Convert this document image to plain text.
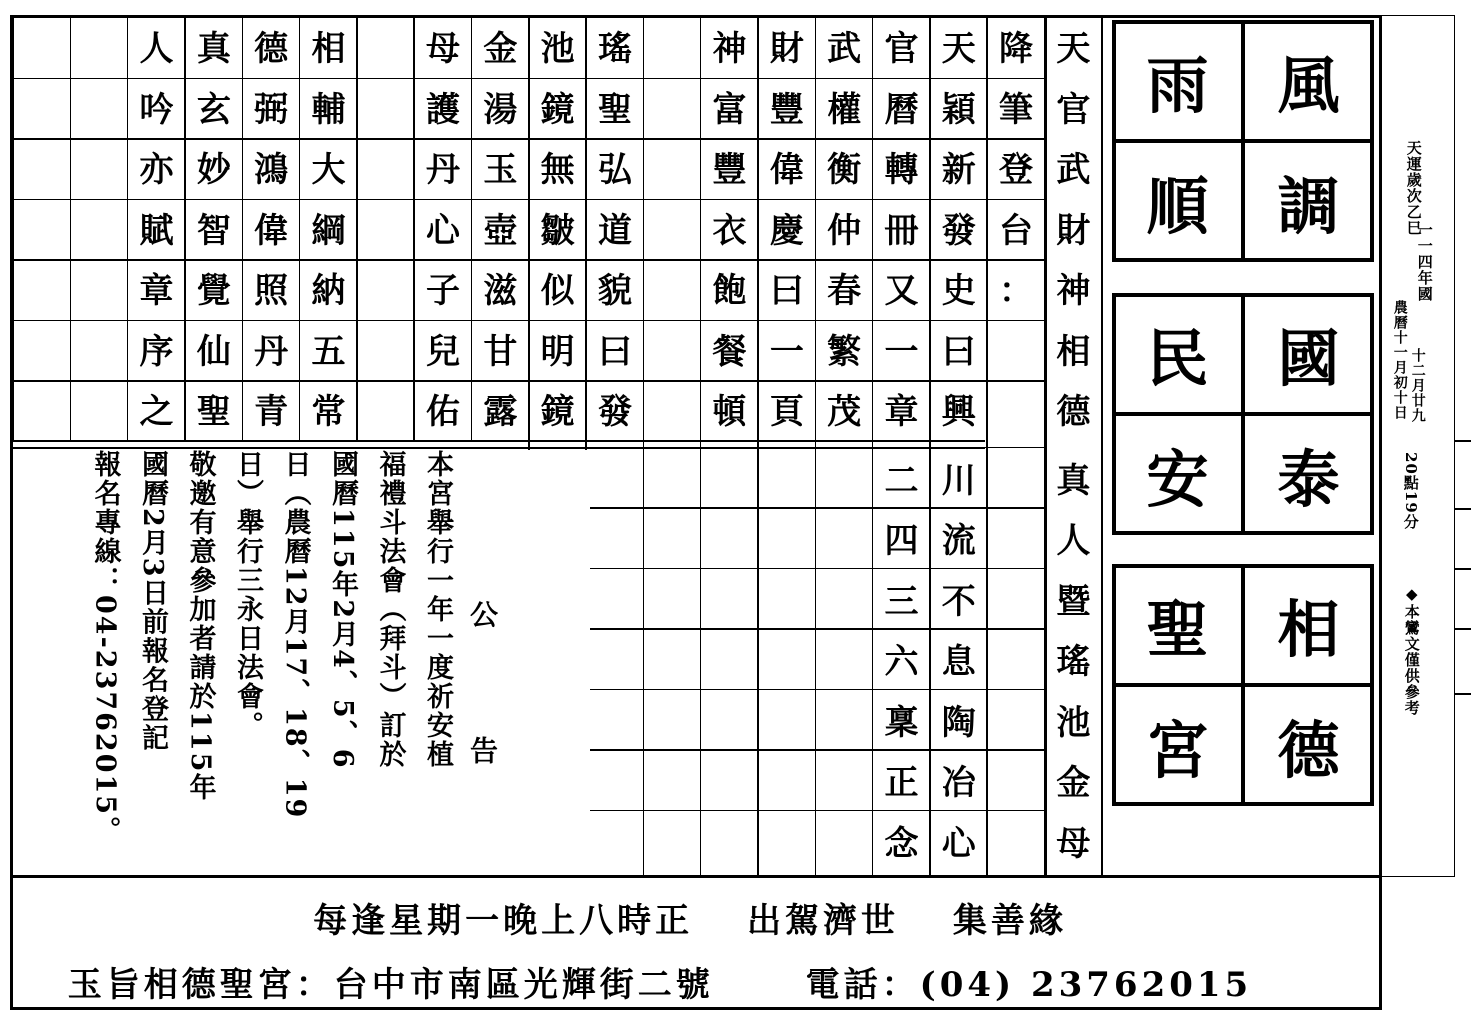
天
官
武
財
神
相
德
真
人
暨
瑤
池
金
母
降
筆
登
台
：
天
穎
新
發
史
曰
興
川
流
不
息
陶
冶
心
官
曆
轉
冊
又
一
章
二
四
三
六
稟
正
念
武
權
衡
仲
春
繁
茂
財
豐
偉
慶
曰
一
頁
神
富
豐
衣
飽
餐
頓
瑤
聖
弘
道
貌
曰
發
池
鏡
無
皺
似
明
鏡
金
湯
玉
壺
滋
甘
露
母
護
丹
心
子
兒
佑
相
輔
大
綱
納
五
常
德
弼
鴻
偉
照
丹
青
真
玄
妙
智
覺
仙
聖
人
吟
亦
賦
章
序
之
公　告
本宮舉行一年一度祈安植
福禮斗法會（拜斗）訂於
國曆115年2月4、5、6
日（農曆12月17、18、19
日）舉行三永日法會。
敬邀有意參加者請於115年
國曆2月3日前報名登記
報名專線：04-23762015。
風
雨
調
順
國
民
泰
安
相
聖
德
宮
天運歲次乙巳
一一四年國
農曆十一月初十日 十二月廿九
20點19分
◆本鸞文僅供參考
每逢星期一晚上八時正　 出駕濟世　 集善緣
玉旨相德聖宮：台中市南區光輝街二號　　 電話：(04) 23762015
